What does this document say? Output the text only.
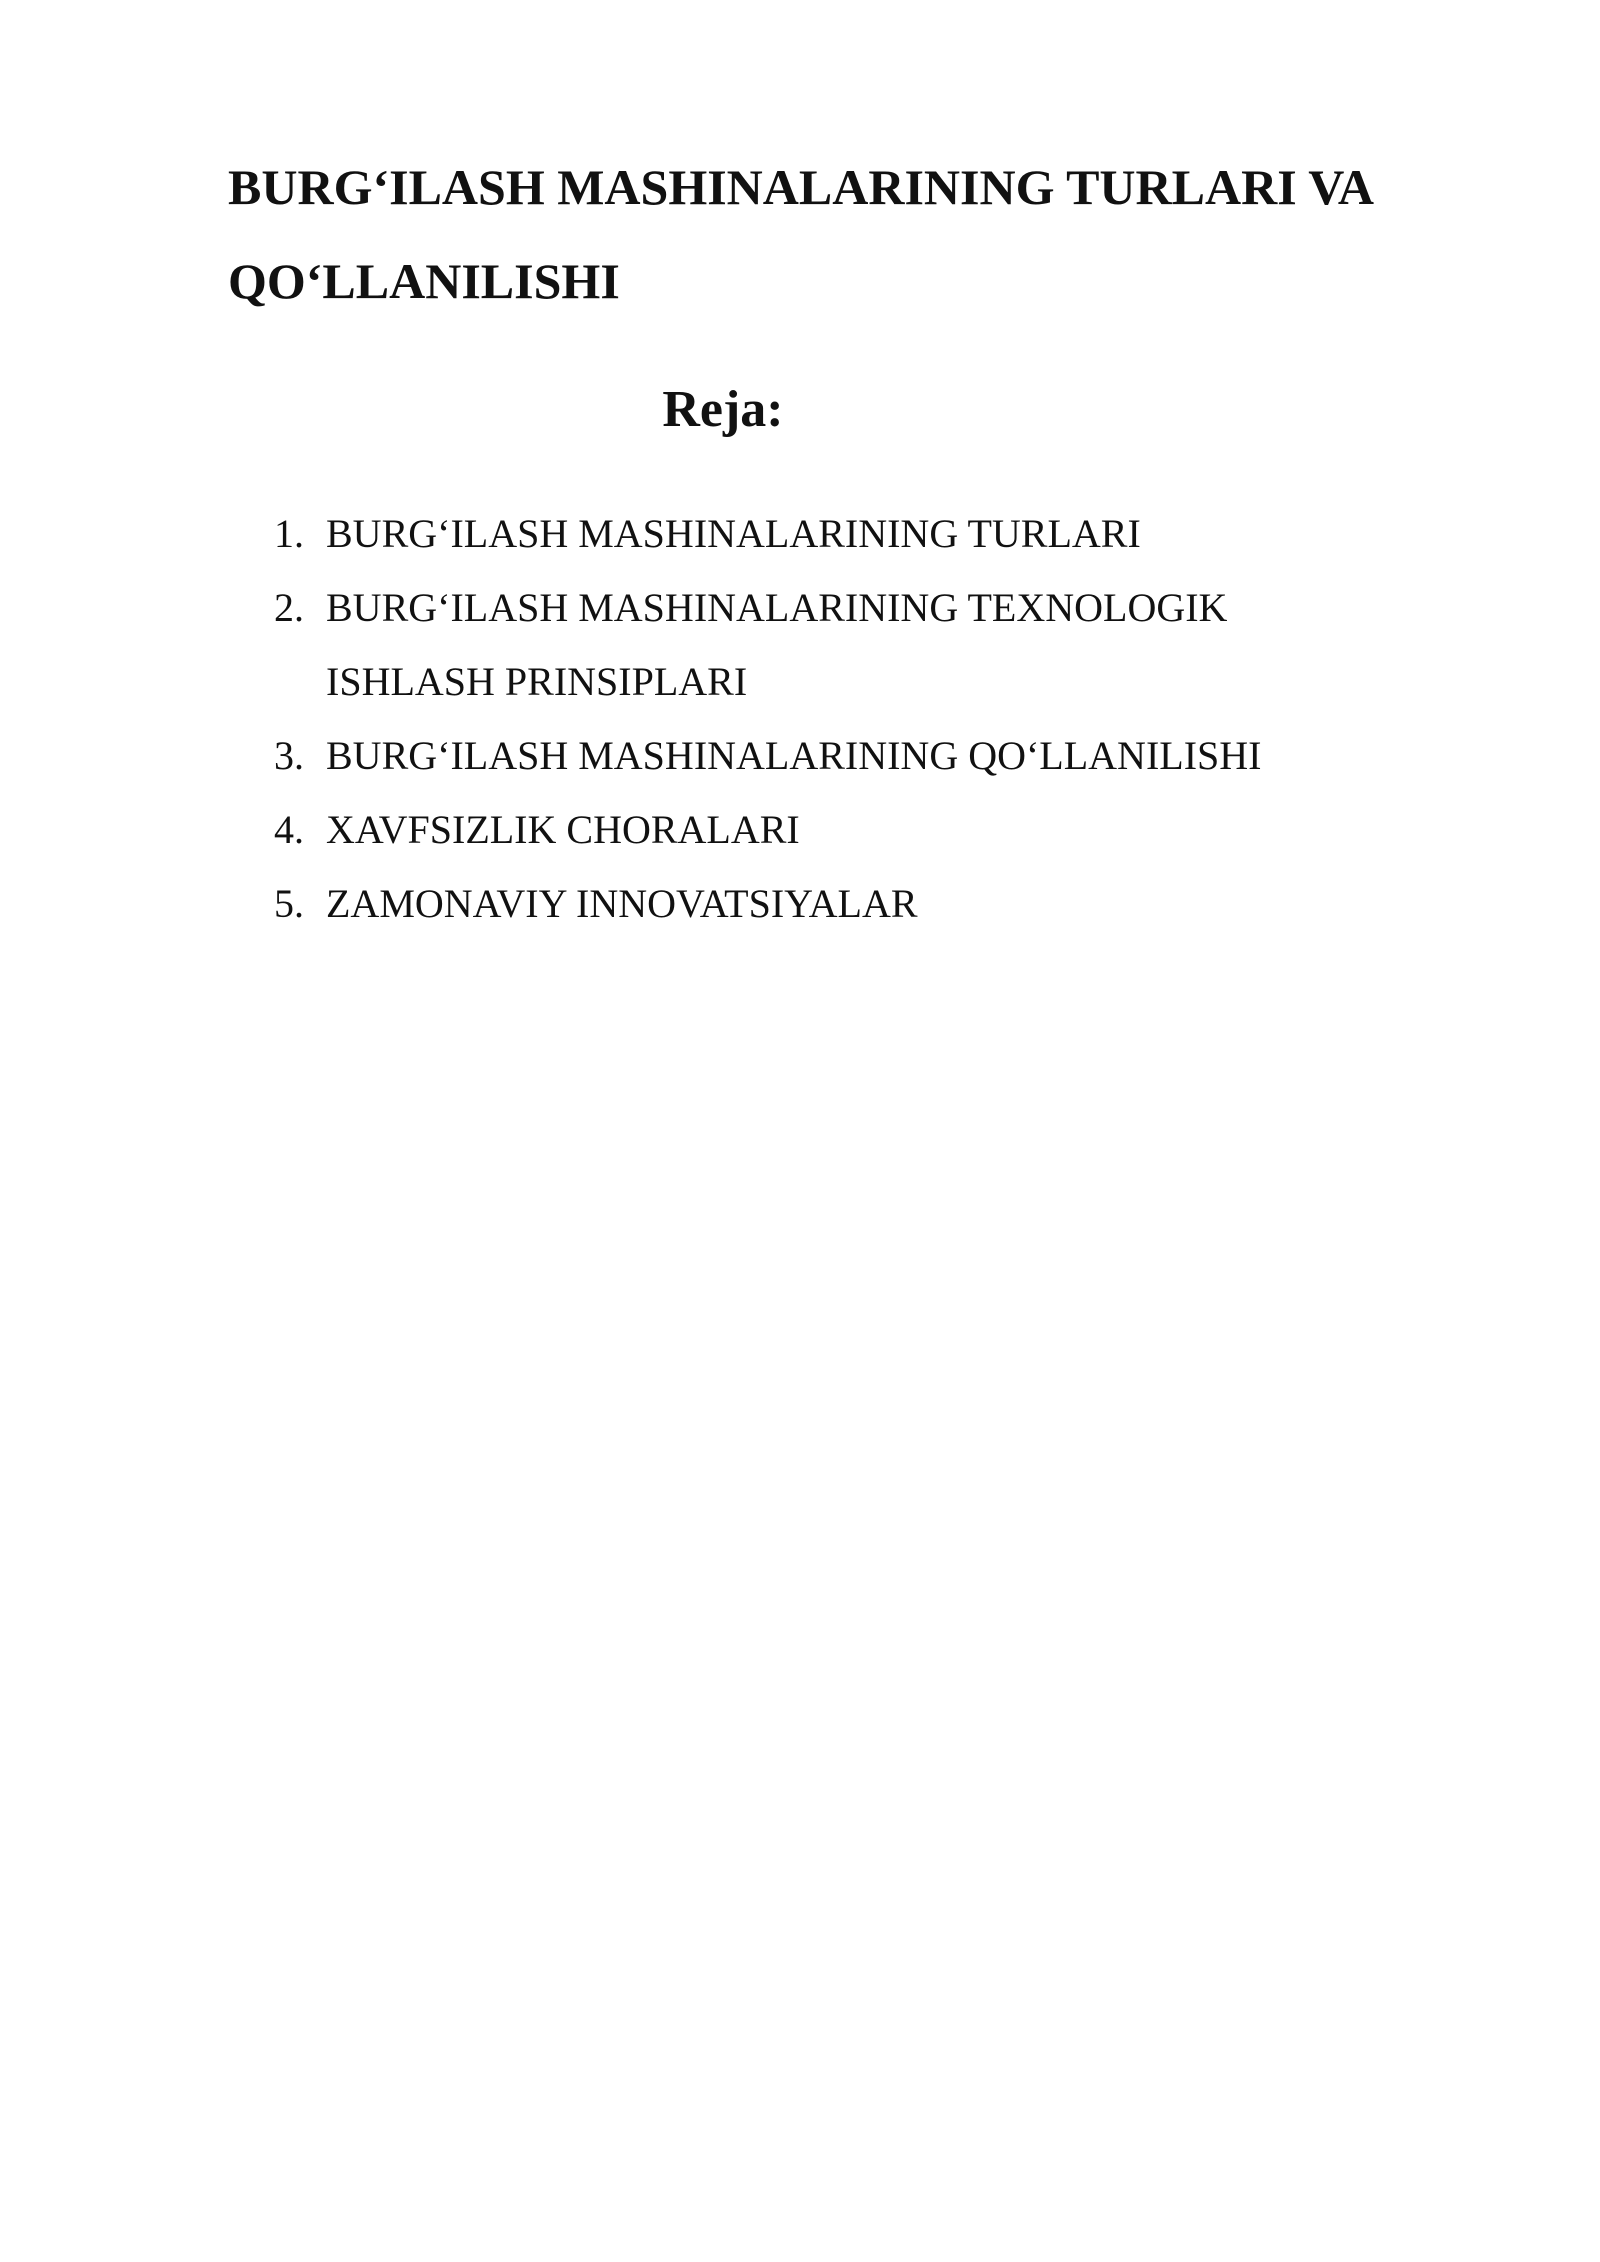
BURG‘ILASH MASHINALARINING TURLARI VA QO‘LLANILISHI
Reja:
1. BURG‘ILASH MASHINALARINING TURLARI
2. BURG‘ILASH MASHINALARINING TEXNOLOGIK ISHLASH PRINSIPLARI
3. BURG‘ILASH MASHINALARINING QO‘LLANILISHI
4. XAVFSIZLIK CHORALARI
5. ZAMONAVIY INNOVATSIYALAR
